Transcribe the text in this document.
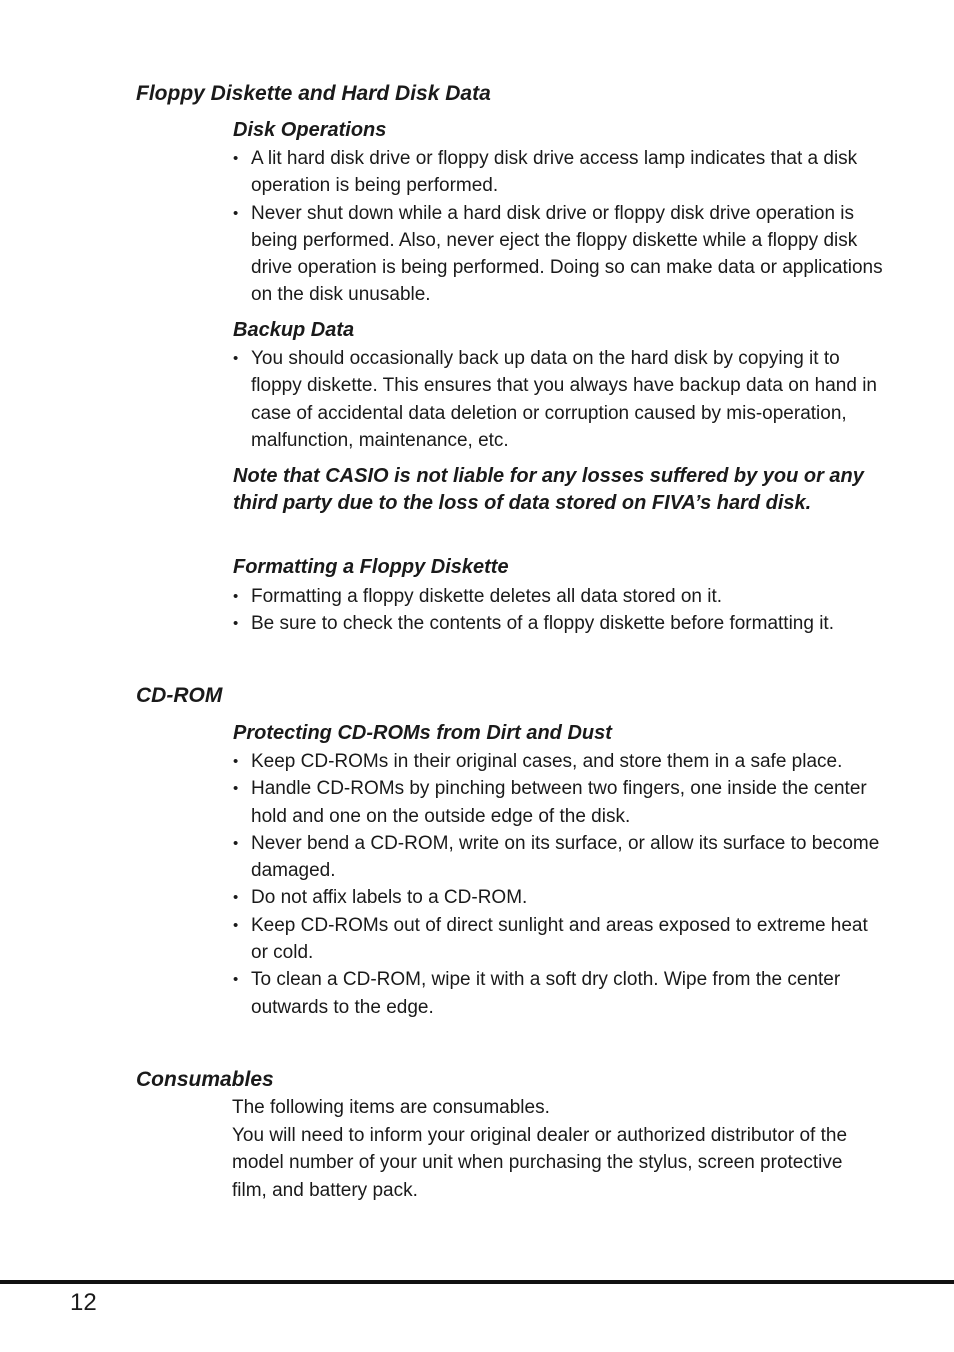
Floppy Diskette and Hard Disk Data
Disk Operations
• A lit hard disk drive or floppy disk drive access lamp indicates that a disk operation is being performed.
• Never shut down while a hard disk drive or floppy disk drive operation is being performed. Also, never eject the floppy diskette while a floppy disk drive operation is being performed. Doing so can make data or applications on the disk unusable.
Backup Data
• You should occasionally back up data on the hard disk by copying it to floppy diskette. This ensures that you always have backup data on hand in case of accidental data deletion or corruption caused by mis-operation, malfunction, maintenance, etc.

Note that CASIO is not liable for any losses suffered by you or any third party due to the loss of data stored on FIVA’s hard disk.

Formatting a Floppy Diskette
• Formatting a floppy diskette deletes all data stored on it.
• Be sure to check the contents of a floppy diskette before formatting it.
CD-ROM
Protecting CD-ROMs from Dirt and Dust
• Keep CD-ROMs in their original cases, and store them in a safe place.
• Handle CD-ROMs by pinching between two fingers, one inside the center hold and one on the outside edge of the disk.
• Never bend a CD-ROM, write on its surface, or allow its surface to become damaged.
• Do not affix labels to a CD-ROM.
• Keep CD-ROMs out of direct sunlight and areas exposed to extreme heat or cold.
• To clean a CD-ROM, wipe it with a soft dry cloth. Wipe from the center outwards to the edge.
Consumables

The following items are consumables.

You will need to inform your original dealer or authorized distributor of the model number of your unit when purchasing the stylus, screen protective film, and battery pack.

12
